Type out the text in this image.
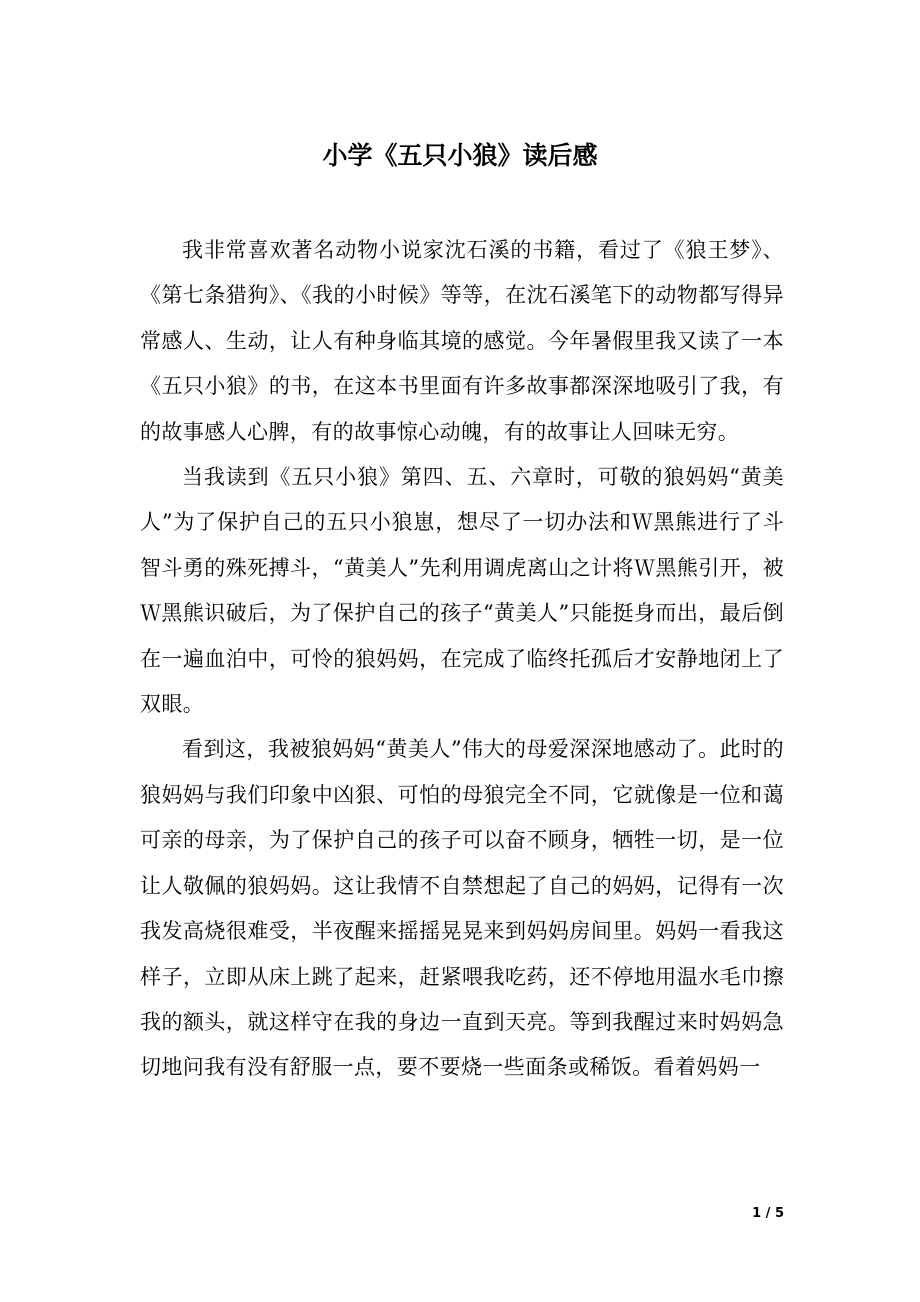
小学《五只小狼》读后感

我非常喜欢著名动物小说家沈石溪的书籍，看过了《狼王梦》、《第七条猎狗》、《我的小时候》等等，在沈石溪笔下的动物都写得异常感人、生动，让人有种身临其境的感觉。今年暑假里我又读了一本《五只小狼》的书，在这本书里面有许多故事都深深地吸引了我，有的故事感人心脾，有的故事惊心动魄，有的故事让人回味无穷。

当我读到《五只小狼》第四、五、六章时，可敬的狼妈妈“黄美人”为了保护自己的五只小狼崽，想尽了一切办法和Ｗ黑熊进行了斗智斗勇的殊死搏斗，“黄美人”先利用调虎离山之计将Ｗ黑熊引开，被Ｗ黑熊识破后，为了保护自己的孩子“黄美人”只能挺身而出，最后倒在一遍血泊中，可怜的狼妈妈，在完成了临终托孤后才安静地闭上了双眼。

看到这，我被狼妈妈“黄美人”伟大的母爱深深地感动了。此时的狼妈妈与我们印象中凶狠、可怕的母狼完全不同，它就像是一位和蔼可亲的母亲，为了保护自己的孩子可以奋不顾身，牺牲一切，是一位让人敬佩的狼妈妈。这让我情不自禁想起了自己的妈妈，记得有一次我发高烧很难受，半夜醒来摇摇晃晃来到妈妈房间里。妈妈一看我这样子，立即从床上跳了起来，赶紧喂我吃药，还不停地用温水毛巾擦我的额头，就这样守在我的身边一直到天亮。等到我醒过来时妈妈急切地问我有没有舒服一点，要不要烧一些面条或稀饭。看着妈妈一

1 / 5
